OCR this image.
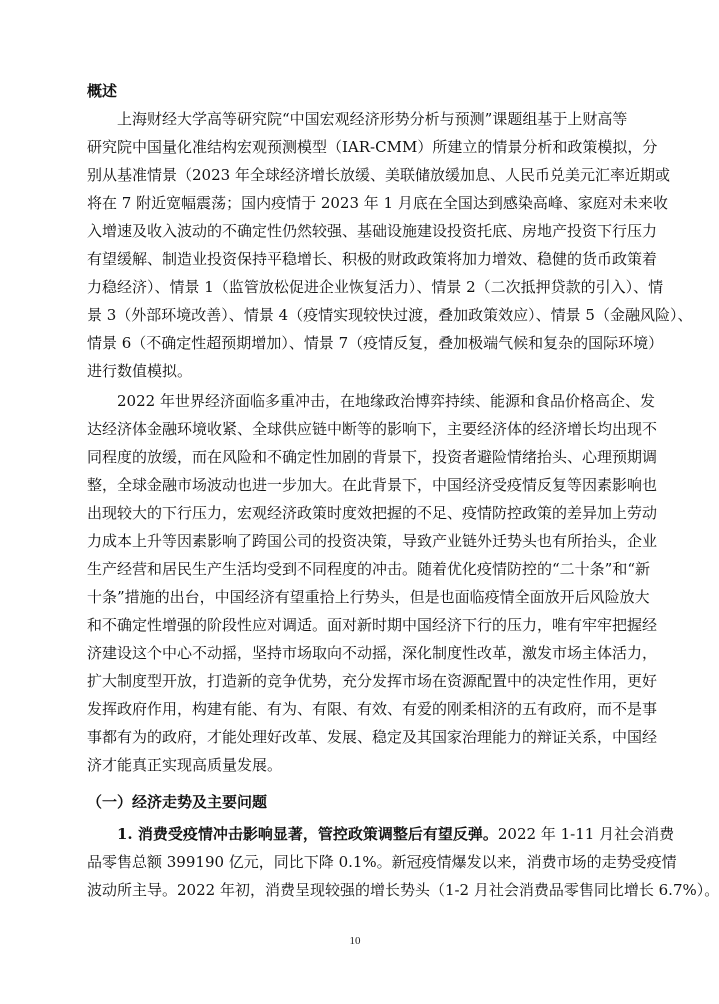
概述
上海财经大学高等研究院“中国宏观经济形势分析与预测”课题组基于上财高等
研究院中国量化准结构宏观预测模型（IAR-CMM）所建立的情景分析和政策模拟，分
别从基准情景（2023 年全球经济增长放缓、美联储放缓加息、人民币兑美元汇率近期或
将在 7 附近宽幅震荡；国内疫情于 2023 年 1 月底在全国达到感染高峰、家庭对未来收
入增速及收入波动的不确定性仍然较强、基础设施建设投资托底、房地产投资下行压力
有望缓解、制造业投资保持平稳增长、积极的财政政策将加力增效、稳健的货币政策着
力稳经济）、情景 1（监管放松促进企业恢复活力）、情景 2（二次抵押贷款的引入）、情
景 3（外部环境改善）、情景 4（疫情实现较快过渡，叠加政策效应）、情景 5（金融风险）、
情景 6（不确定性超预期增加）、情景 7（疫情反复，叠加极端气候和复杂的国际环境）
进行数值模拟。
2022 年世界经济面临多重冲击，在地缘政治博弈持续、能源和食品价格高企、发
达经济体金融环境收紧、全球供应链中断等的影响下，主要经济体的经济增长均出现不
同程度的放缓，而在风险和不确定性加剧的背景下，投资者避险情绪抬头、心理预期调
整，全球金融市场波动也进一步加大。在此背景下，中国经济受疫情反复等因素影响也
出现较大的下行压力，宏观经济政策时度效把握的不足、疫情防控政策的差异加上劳动
力成本上升等因素影响了跨国公司的投资决策，导致产业链外迁势头也有所抬头，企业
生产经营和居民生产生活均受到不同程度的冲击。随着优化疫情防控的“二十条”和“新
十条”措施的出台，中国经济有望重拾上行势头，但是也面临疫情全面放开后风险放大
和不确定性增强的阶段性应对调适。面对新时期中国经济下行的压力，唯有牢牢把握经
济建设这个中心不动摇，坚持市场取向不动摇，深化制度性改革，激发市场主体活力，
扩大制度型开放，打造新的竞争优势，充分发挥市场在资源配置中的决定性作用，更好
发挥政府作用，构建有能、有为、有限、有效、有爱的刚柔相济的五有政府，而不是事
事都有为的政府，才能处理好改革、发展、稳定及其国家治理能力的辩证关系，中国经
济才能真正实现高质量发展。
（一）经济走势及主要问题
1. 消费受疫情冲击影响显著，管控政策调整后有望反弹。2022 年 1-11 月社会消费
品零售总额 399190 亿元，同比下降 0.1%。新冠疫情爆发以来，消费市场的走势受疫情
波动所主导。2022 年初，消费呈现较强的增长势头（1-2 月社会消费品零售同比增长 6.7%）。
10
